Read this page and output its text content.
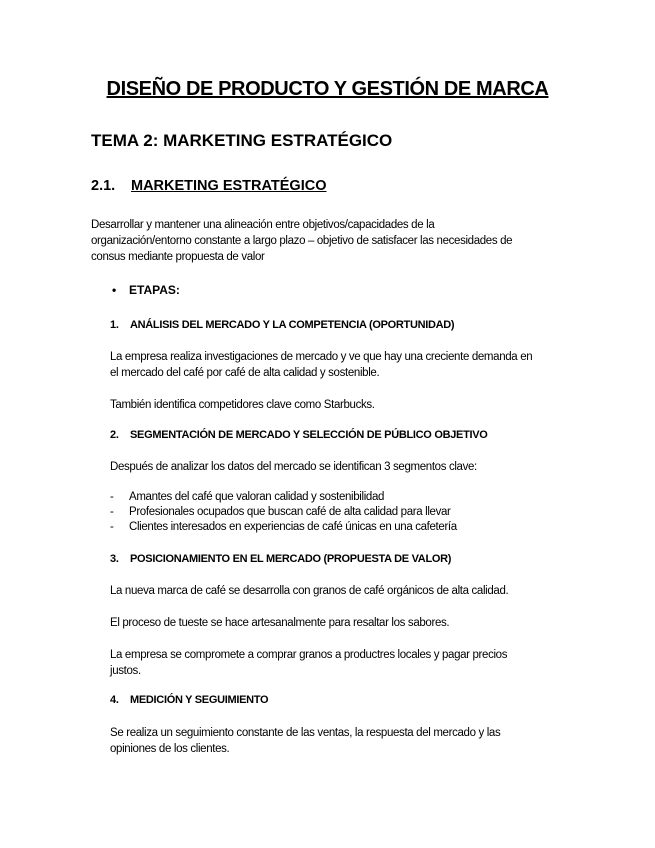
DISEÑO DE PRODUCTO Y GESTIÓN DE MARCA
TEMA 2: MARKETING ESTRATÉGICO
2.1. MARKETING ESTRATÉGICO

Desarrollar y mantener una alineación entre objetivos/capacidades de la

organización/entorno constante a largo plazo – objetivo de satisfacer las necesidades de

consus mediante propuesta de valor

• ETAPAS:
1. ANÁLISIS DEL MERCADO Y LA COMPETENCIA (OPORTUNIDAD)

La empresa realiza investigaciones de mercado y ve que hay una creciente demanda en

el mercado del café por café de alta calidad y sostenible.

También identifica competidores clave como Starbucks.

2. SEGMENTACIÓN DE MERCADO Y SELECCIÓN DE PÚBLICO OBJETIVO

Después de analizar los datos del mercado se identifican 3 segmentos clave:

- Amantes del café que valoran calidad y sostenibilidad
- Profesionales ocupados que buscan café de alta calidad para llevar
- Clientes interesados en experiencias de café únicas en una cafetería
3. POSICIONAMIENTO EN EL MERCADO (PROPUESTA DE VALOR)

La nueva marca de café se desarrolla con granos de café orgánicos de alta calidad.

El proceso de tueste se hace artesanalmente para resaltar los sabores.

La empresa se compromete a comprar granos a productres locales y pagar precios

justos.

4. MEDICIÓN Y SEGUIMIENTO

Se realiza un seguimiento constante de las ventas, la respuesta del mercado y las

opiniones de los clientes.
